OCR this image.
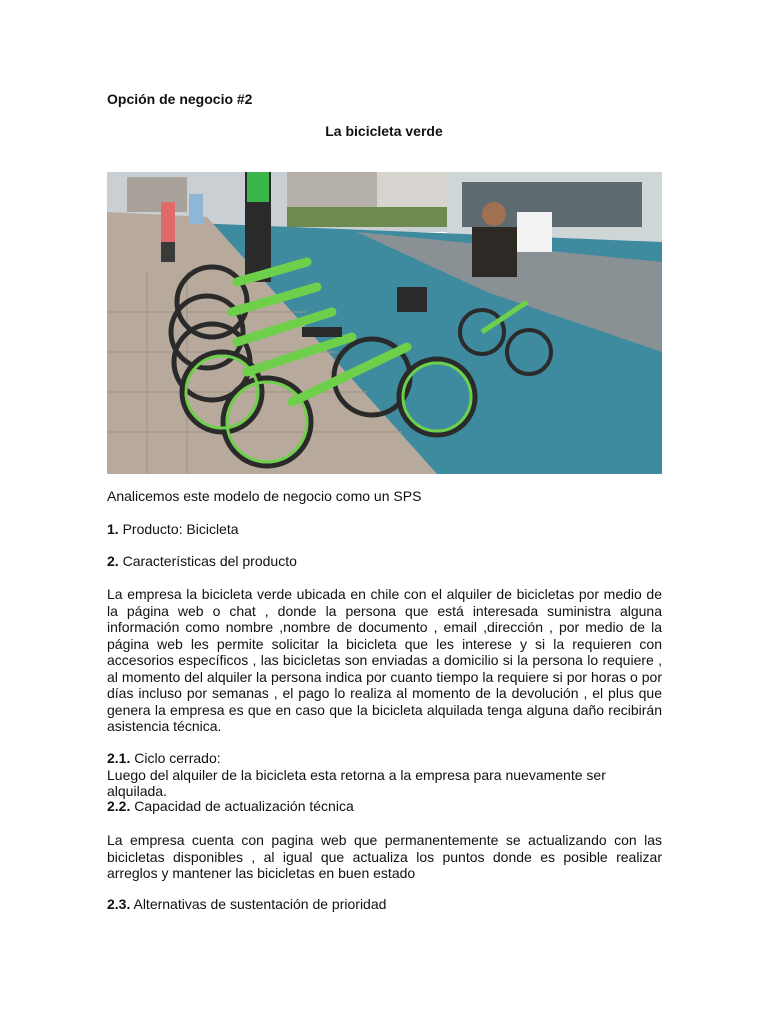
Opción de negocio #2
La bicicleta verde
Analicemos este modelo de negocio como un SPS
1. Producto: Bicicleta
2. Características del producto
La empresa la bicicleta verde ubicada en chile con el alquiler de bicicletas por medio de la página web o chat , donde la persona que está interesada suministra alguna información como nombre ,nombre de documento , email ,dirección , por medio de la página web les permite solicitar la bicicleta que les interese y si la requieren con accesorios específicos , las bicicletas son enviadas a domicilio si la persona lo requiere , al momento del alquiler la persona indica por cuanto tiempo la requiere si por horas o por días incluso por semanas , el pago lo realiza al momento de la devolución , el plus que genera la empresa es que en caso que la bicicleta alquilada tenga alguna daño recibirán asistencia técnica.
2.1. Ciclo cerrado:
Luego del alquiler de la bicicleta esta retorna a la empresa para nuevamente ser alquilada.
2.2. Capacidad de actualización técnica
La empresa cuenta con pagina web que permanentemente se actualizando con las bicicletas disponibles , al igual que actualiza los puntos donde es posible realizar arreglos y mantener las bicicletas en buen estado
2.3. Alternativas de sustentación de prioridad
